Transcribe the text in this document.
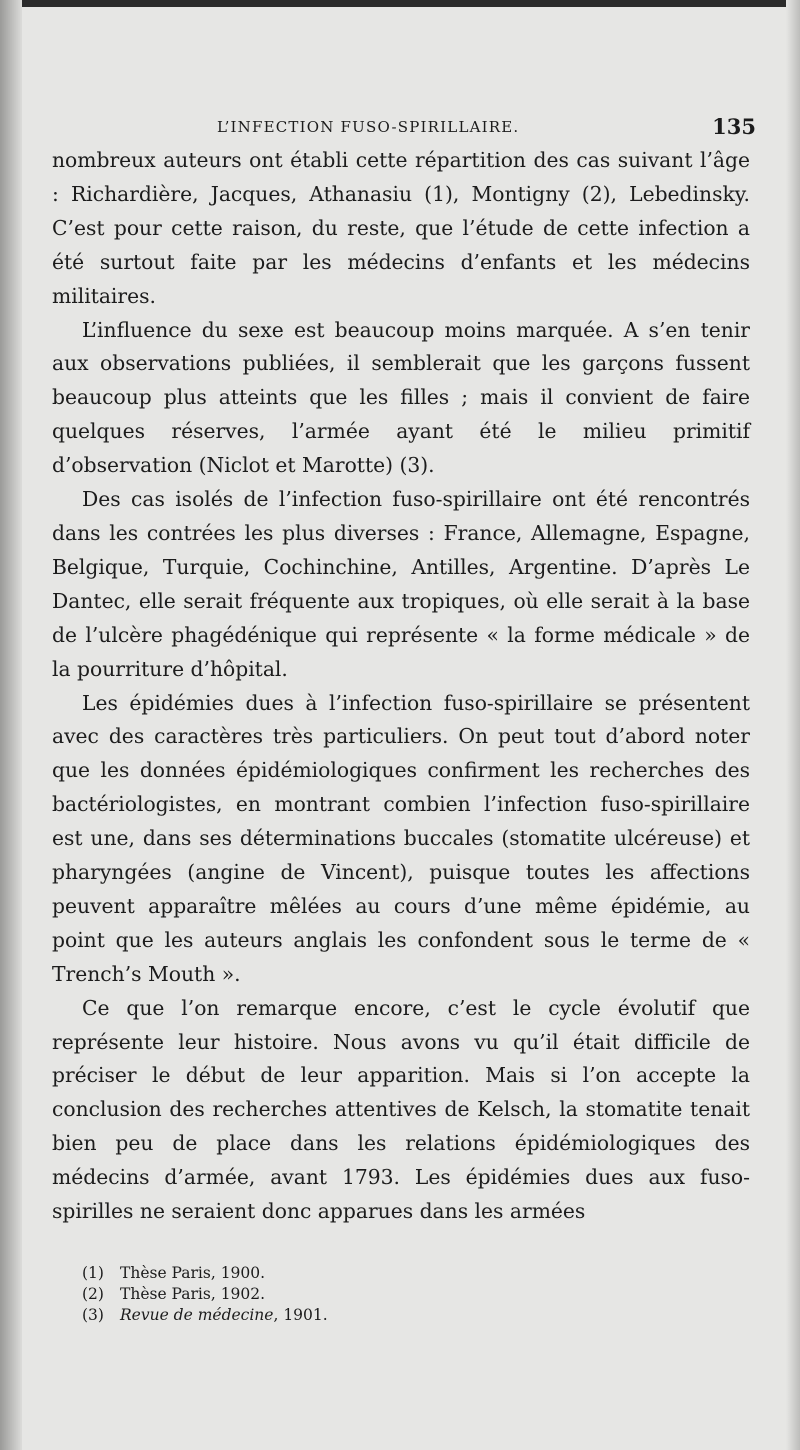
L’INFECTION FUSO-SPIRILLAIRE.	135

nombreux auteurs ont établi cette répartition des cas suivant l’âge : Richardière, Jacques, Athanasiu (1), Montigny (2), Lebedinsky. C’est pour cette raison, du reste, que l’étude de cette infection a été surtout faite par les médecins d’enfants et les médecins militaires.

L’influence du sexe est beaucoup moins marquée. A s’en tenir aux observations publiées, il semblerait que les garçons fussent beaucoup plus atteints que les filles ; mais il convient de faire quelques réserves, l’armée ayant été le milieu primitif d’observation (Niclot et Marotte) (3).

Des cas isolés de l’infection fuso-spirillaire ont été rencontrés dans les contrées les plus diverses : France, Allemagne, Espagne, Belgique, Turquie, Cochinchine, Antilles, Argentine. D’après Le Dantec, elle serait fréquente aux tropiques, où elle serait à la base de l’ulcère phagédénique qui représente « la forme médicale » de la pourriture d’hôpital.

Les épidémies dues à l’infection fuso-spirillaire se présentent avec des caractères très particuliers. On peut tout d’abord noter que les données épidémiologiques confirment les recherches des bactériologistes, en montrant combien l’infection fuso-spirillaire est une, dans ses déterminations buccales (stomatite ulcéreuse) et pharyngées (angine de Vincent), puisque toutes les affections peuvent apparaître mêlées au cours d’une même épidémie, au point que les auteurs anglais les confondent sous le terme de « Trench’s Mouth ».

Ce que l’on remarque encore, c’est le cycle évolutif que représente leur histoire. Nous avons vu qu’il était difficile de préciser le début de leur apparition. Mais si l’on accepte la conclusion des recherches attentives de Kelsch, la stomatite tenait bien peu de place dans les relations épidémiologiques des médecins d’armée, avant 1793. Les épidémies dues aux fuso-spirilles ne seraient donc apparues dans les armées

(1) Thèse Paris, 1900.
(2) Thèse Paris, 1902.
(3) Revue de médecine, 1901.
